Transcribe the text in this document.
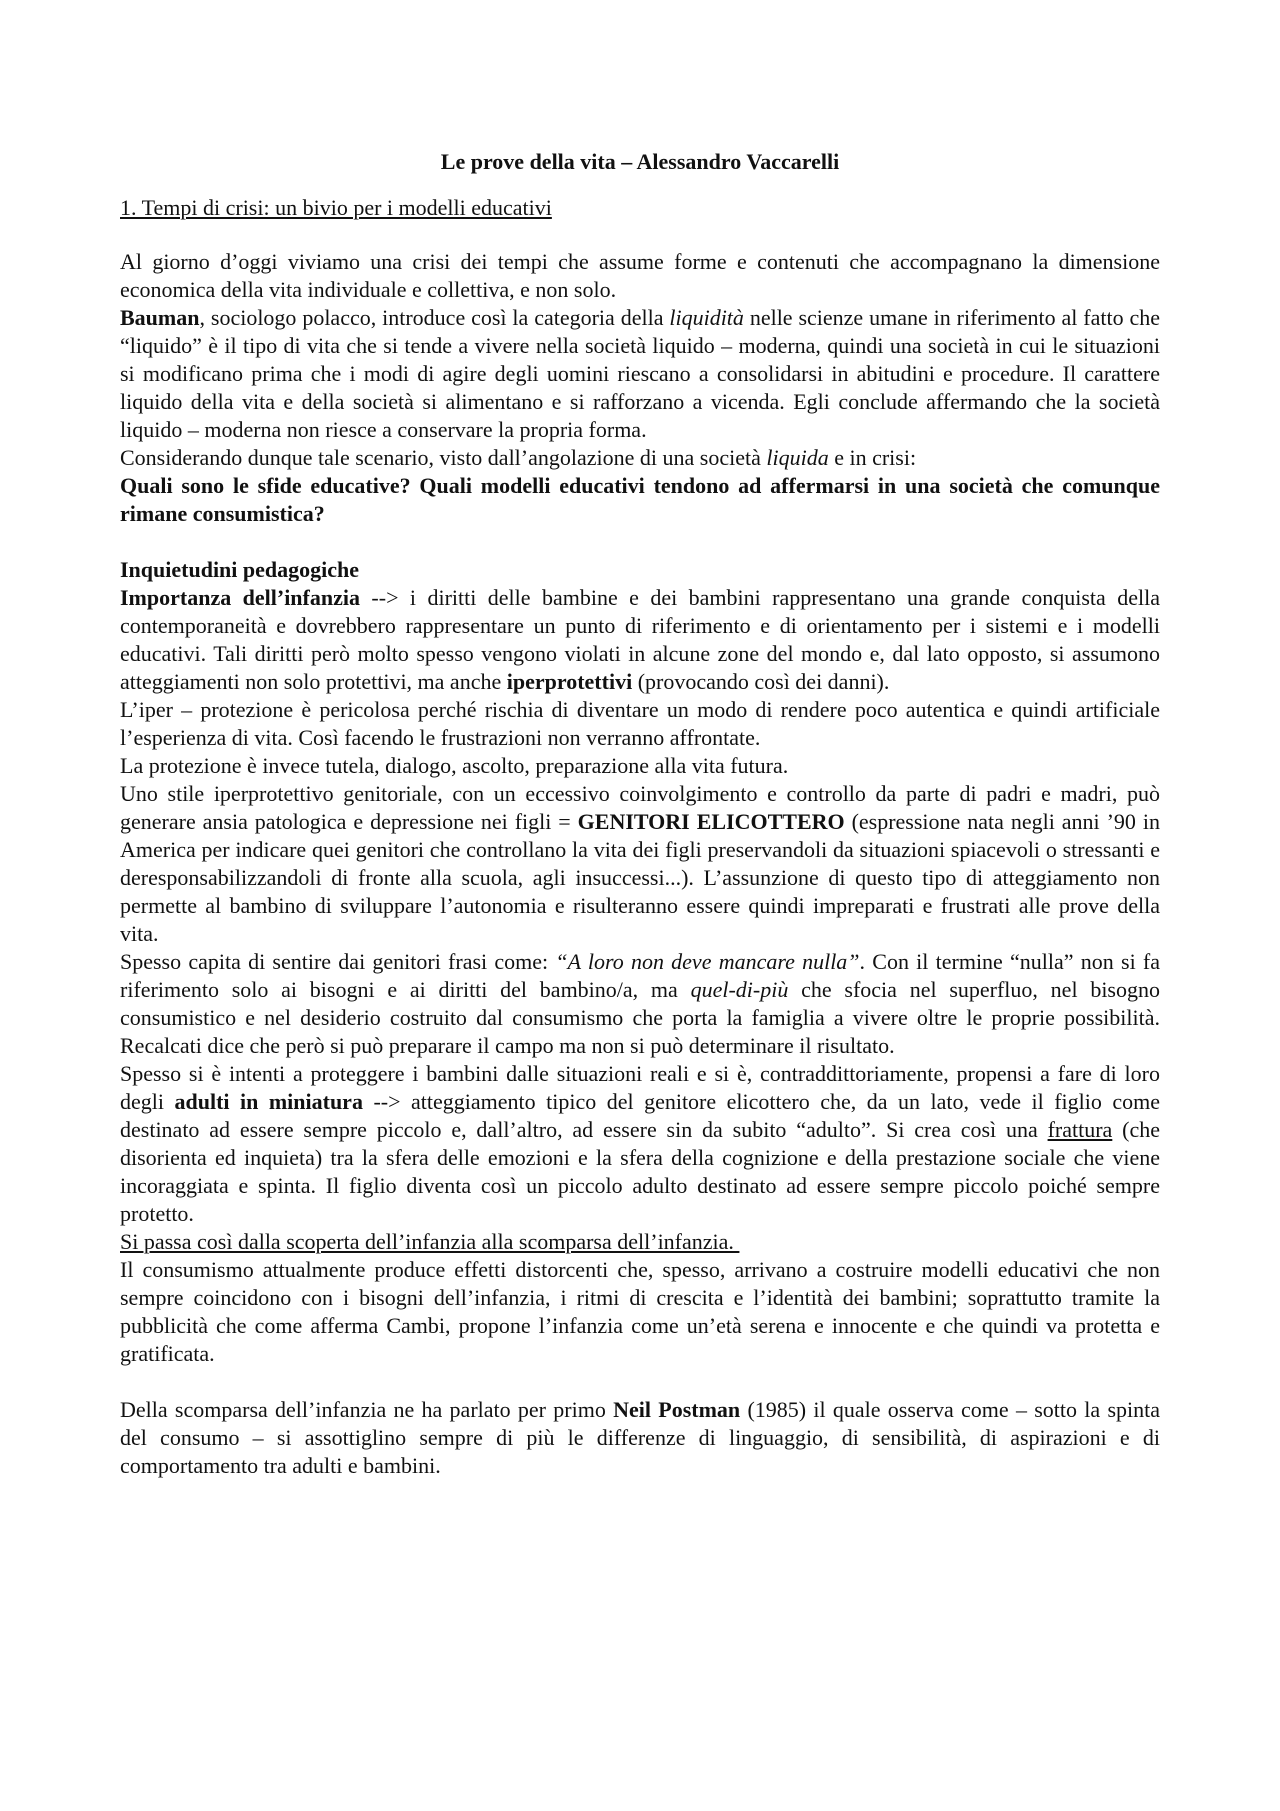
Le prove della vita – Alessandro Vaccarelli
1. Tempi di crisi: un bivio per i modelli educativi

Al giorno d’oggi viviamo una crisi dei tempi che assume forme e contenuti che accompagnano la dimensione economica della vita individuale e collettiva, e non solo.

Bauman, sociologo polacco, introduce così la categoria della liquidità nelle scienze umane in riferimento al fatto che “liquido” è il tipo di vita che si tende a vivere nella società liquido – moderna, quindi una società in cui le situazioni si modificano prima che i modi di agire degli uomini riescano a consolidarsi in abitudini e procedure. Il carattere liquido della vita e della società si alimentano e si rafforzano a vicenda. Egli conclude affermando che la società liquido – moderna non riesce a conservare la propria forma.

Considerando dunque tale scenario, visto dall’angolazione di una società liquida e in crisi:

Quali sono le sfide educative? Quali modelli educativi tendono ad affermarsi in una società che comunque rimane consumistica?

Inquietudini pedagogiche

Importanza dell’infanzia --> i diritti delle bambine e dei bambini rappresentano una grande conquista della contemporaneità e dovrebbero rappresentare un punto di riferimento e di orientamento per i sistemi e i modelli educativi. Tali diritti però molto spesso vengono violati in alcune zone del mondo e, dal lato opposto, si assumono atteggiamenti non solo protettivi, ma anche iperprotettivi (provocando così dei danni).

L’iper – protezione è pericolosa perché rischia di diventare un modo di rendere poco autentica e quindi artificiale l’esperienza di vita. Così facendo le frustrazioni non verranno affrontate.

La protezione è invece tutela, dialogo, ascolto, preparazione alla vita futura.

Uno stile iperprotettivo genitoriale, con un eccessivo coinvolgimento e controllo da parte di padri e madri, può generare ansia patologica e depressione nei figli = GENITORI ELICOTTERO (espressione nata negli anni ’90 in America per indicare quei genitori che controllano la vita dei figli preservandoli da situazioni spiacevoli o stressanti e deresponsabilizzandoli di fronte alla scuola, agli insuccessi...). L’assunzione di questo tipo di atteggiamento non permette al bambino di sviluppare l’autonomia e risulteranno essere quindi impreparati e frustrati alle prove della vita.

Spesso capita di sentire dai genitori frasi come: “A loro non deve mancare nulla”. Con il termine “nulla” non si fa riferimento solo ai bisogni e ai diritti del bambino/a, ma quel-di-più che sfocia nel superfluo, nel bisogno consumistico e nel desiderio costruito dal consumismo che porta la famiglia a vivere oltre le proprie possibilità. Recalcati dice che però si può preparare il campo ma non si può determinare il risultato.

Spesso si è intenti a proteggere i bambini dalle situazioni reali e si è, contraddittoriamente, propensi a fare di loro degli adulti in miniatura --> atteggiamento tipico del genitore elicottero che, da un lato, vede il figlio come destinato ad essere sempre piccolo e, dall’altro, ad essere sin da subito “adulto”. Si crea così una frattura (che disorienta ed inquieta) tra la sfera delle emozioni e la sfera della cognizione e della prestazione sociale che viene incoraggiata e spinta. Il figlio diventa così un piccolo adulto destinato ad essere sempre piccolo poiché sempre protetto.

Si passa così dalla scoperta dell’infanzia alla scomparsa dell’infanzia.

Il consumismo attualmente produce effetti distorcenti che, spesso, arrivano a costruire modelli educativi che non sempre coincidono con i bisogni dell’infanzia, i ritmi di crescita e l’identità dei bambini; soprattutto tramite la pubblicità che come afferma Cambi, propone l’infanzia come un’età serena e innocente e che quindi va protetta e gratificata.

Della scomparsa dell’infanzia ne ha parlato per primo Neil Postman (1985) il quale osserva come – sotto la spinta del consumo – si assottiglino sempre di più le differenze di linguaggio, di sensibilità, di aspirazioni e di comportamento tra adulti e bambini.
